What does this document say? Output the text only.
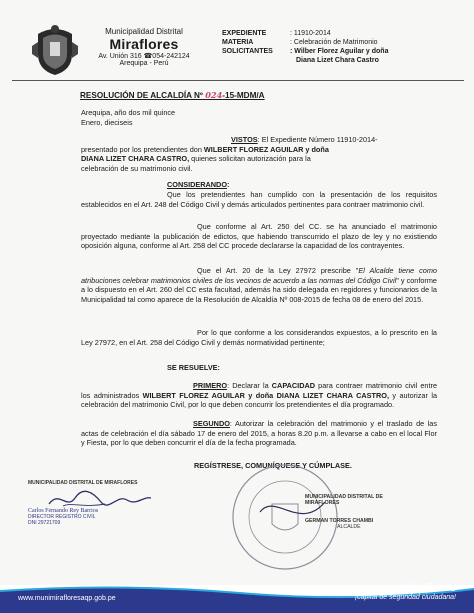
Municipalidad Distrital
Miraflores
Av. Unión 316 ☎054-242124
Arequipa - Perú
EXPEDIENTE	: 11910-2014
MATERIA	: Celebración de Matrimonio
SOLICITANTES	: Wilber Florez Aguilar y doña
Diana Lizet Chara Castro
RESOLUCIÓN DE ALCALDÍA Nº 024-15-MDM/A
Arequipa, año dos mil quince
Enero, dieciseis
VISTOS: El Expediente Número 11910-2014-
presentado por los pretendientes don WILBERT FLOREZ AGUILAR y doña
DIANA LIZET CHARA CASTRO, quienes solicitan autorización para la
celebración de su matrimonio civil.
CONSIDERANDO:
Que los pretendientes han cumplido con la presentación de los requisitos establecidos en el Art. 248 del Código Civil y demás articulados pertinentes para contraer matrimonio civil.
Que conforme al Art. 250 del CC. se ha anunciado el matrimonio proyectado mediante la publicación de edictos, que habiendo transcurrido el plazo de ley y no existiendo oposición alguna, conforme al Art. 258 del CC procede declararse la capacidad de los contrayentes.
Que el Art. 20 de la Ley 27972 prescribe "El Alcalde tiene como atribuciones celebrar matrimonios civiles de los vecinos de acuerdo a las normas del Código Civil" y conforme a lo dispuesto en el Art. 260 del CC esta facultad, además ha sido delegada en regidores y funcionarios de la Municipalidad tal como aparece de la Resolución de Alcaldía Nº 008-2015 de fecha 08 de enero del 2015.
Por lo que conforme a los considerandos expuestos, a lo prescrito en la Ley 27972, en el Art. 258 del Código Civil y demás normatividad pertinente;
SE RESUELVE:
PRIMERO: Declarar la CAPACIDAD para contraer matrimonio civil entre los administrados WILBERT FLOREZ AGUILAR y doña DIANA LIZET CHARA CASTRO, y autorizar la celebración del matrimonio Civil, por lo que deben concurrir los pretendientes el día programado.
SEGUNDO: Autorizar la celebración del matrimonio y el traslado de las actas de celebración el día sábado 17 de enero del 2015, a horas 8.20 p.m. a llevarse a cabo en el local Flor y Fiesta, por lo que deben concurrir el día de la fecha programada.
REGÍSTRESE, COMUNÍQUESE Y CÚMPLASE.
MUNICIPALIDAD DISTRITAL DE MIRAFLORES
Carlos Fernando Rey Barrios
DIRECTOR REGISTRO CIVIL
DNI 29721709
MUNICIPALIDAD DISTRITAL DE MIRAFLORES
GERMAN TORRES CHAMBI
ALCALDE
www.munimirafloresaqp.gob.pe
Miraflores
¡capital de seguridad ciudadana!
